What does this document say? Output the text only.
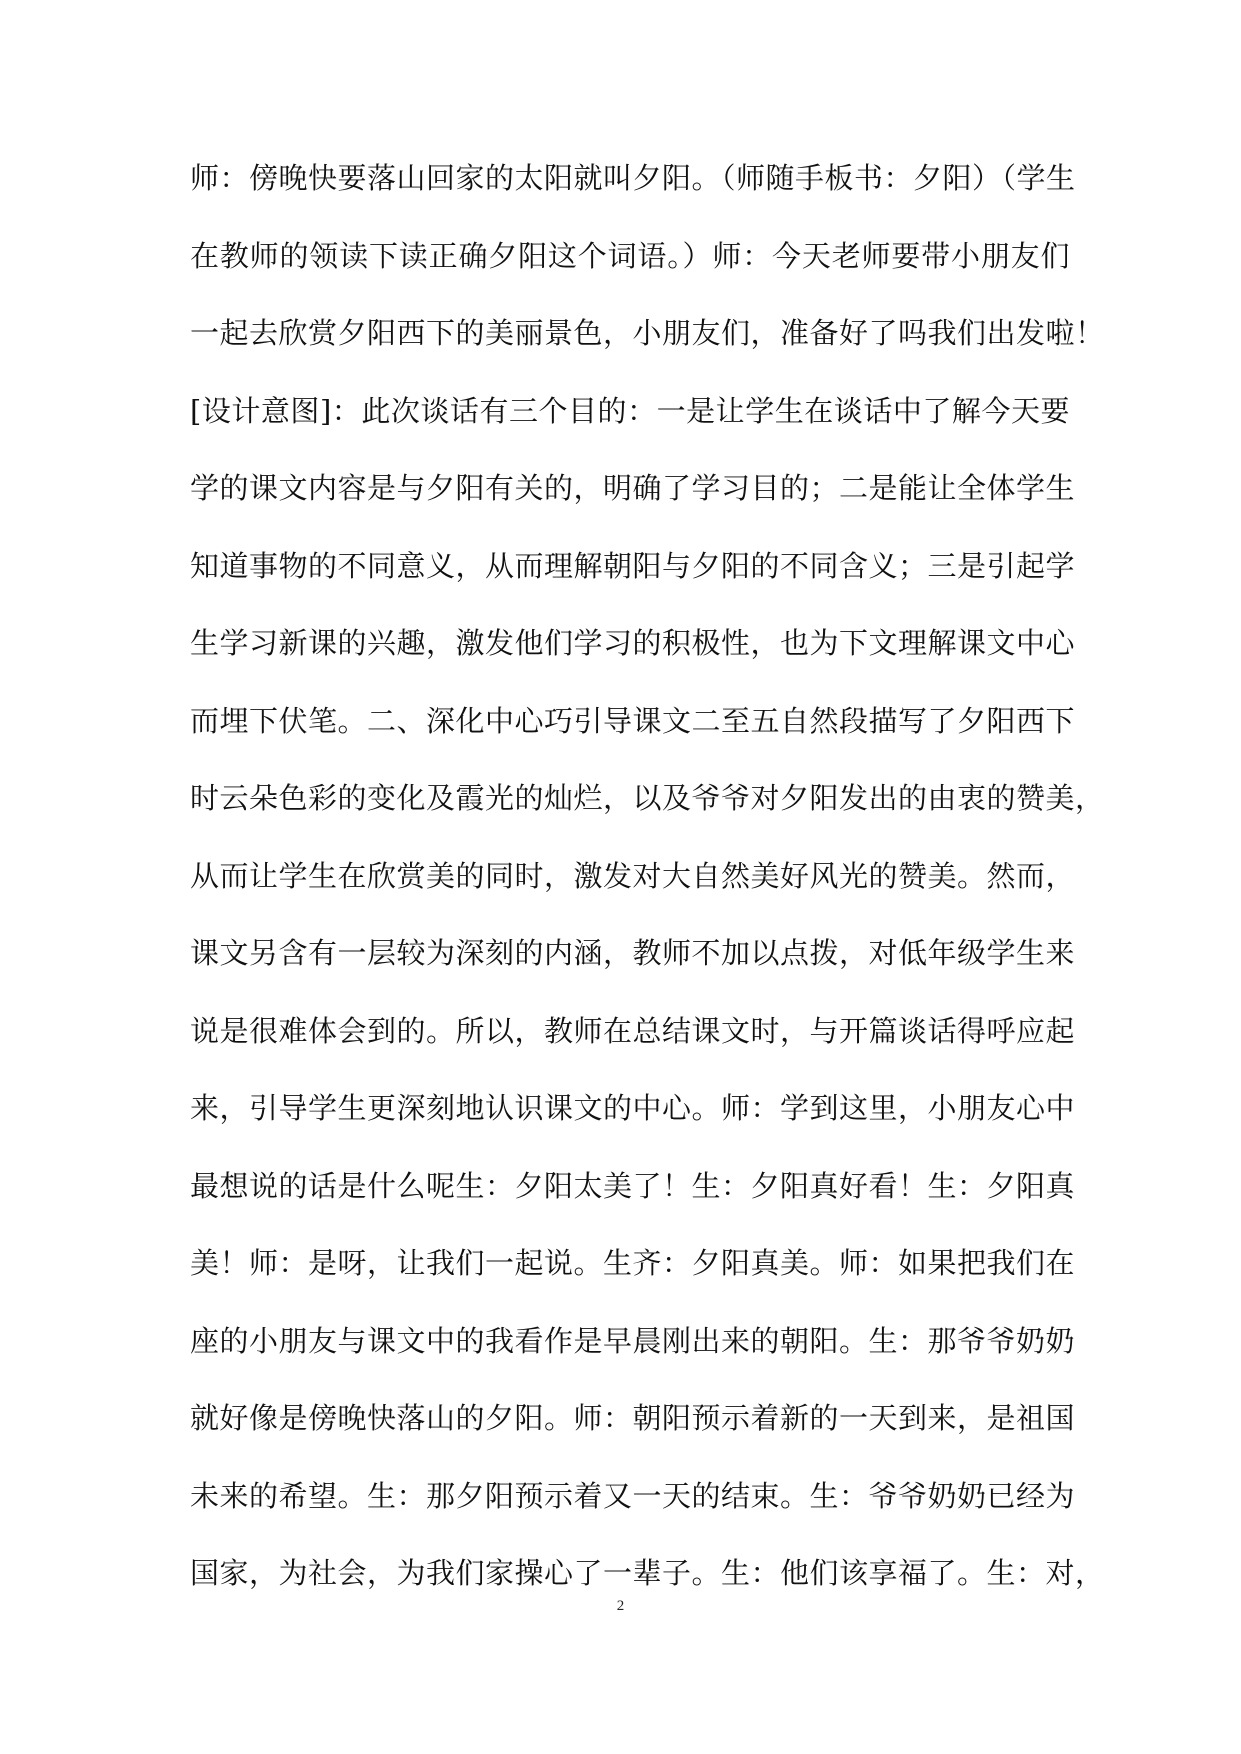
师：傍晚快要落山回家的太阳就叫夕阳。（师随手板书：夕阳）（学生
在教师的领读下读正确夕阳这个词语。）师：今天老师要带小朋友们
一起去欣赏夕阳西下的美丽景色，小朋友们，准备好了吗我们出发啦！
[设计意图]：此次谈话有三个目的：一是让学生在谈话中了解今天要
学的课文内容是与夕阳有关的，明确了学习目的；二是能让全体学生
知道事物的不同意义，从而理解朝阳与夕阳的不同含义；三是引起学
生学习新课的兴趣，激发他们学习的积极性，也为下文理解课文中心
而埋下伏笔。二、深化中心巧引导课文二至五自然段描写了夕阳西下
时云朵色彩的变化及霞光的灿烂，以及爷爷对夕阳发出的由衷的赞美，
从而让学生在欣赏美的同时，激发对大自然美好风光的赞美。然而，
课文另含有一层较为深刻的内涵，教师不加以点拨，对低年级学生来
说是很难体会到的。所以，教师在总结课文时，与开篇谈话得呼应起
来，引导学生更深刻地认识课文的中心。师：学到这里，小朋友心中
最想说的话是什么呢生：夕阳太美了！生：夕阳真好看！生：夕阳真
美！师：是呀，让我们一起说。生齐：夕阳真美。师：如果把我们在
座的小朋友与课文中的我看作是早晨刚出来的朝阳。生：那爷爷奶奶
就好像是傍晚快落山的夕阳。师：朝阳预示着新的一天到来，是祖国
未来的希望。生：那夕阳预示着又一天的结束。生：爷爷奶奶已经为
国家，为社会，为我们家操心了一辈子。生：他们该享福了。生：对，
2
